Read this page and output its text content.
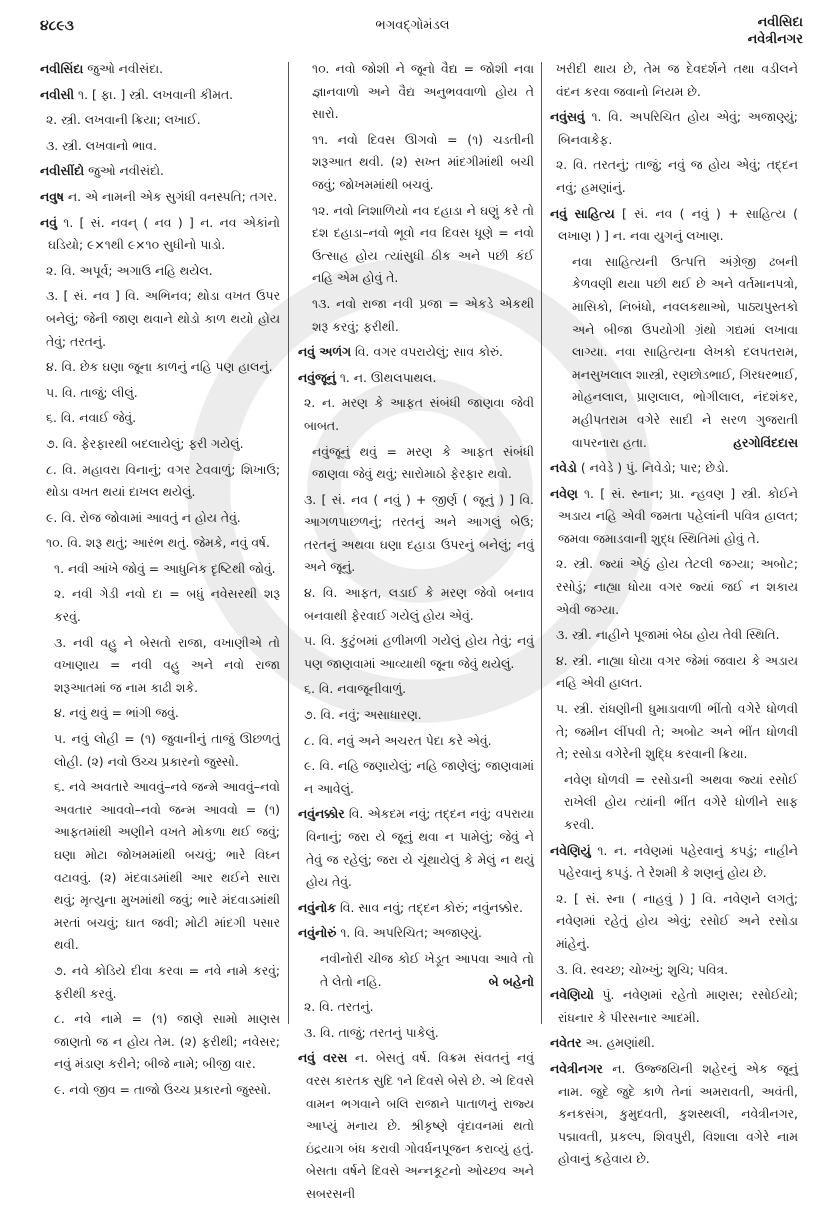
૪૮૯૩	ભગવદ્ગોમંડલ	નવીસિદા
નવેત્રીનગર
નવીસિંદા જુઓ નવીસંદા.
નવીસી ૧. [ ફા. ] સ્ત્રી. લખવાની કીમત.
૨. સ્ત્રી. લખવાની ક્રિયા; લખાઈ.
૩. સ્ત્રી. લખવાનો ભાવ.
નવીસીંદો જુઓ નવીસંદો.
નવુષ ન. એ નામની એક સુગંધી વનસ્પતિ; તગર.
નવું ૧. [ સં. નવન્ ( નવ ) ] ન. નવ એકાંનો ઘડિયો; ૯×૧થી ૯×૧૦ સુધીનો પાડો.
૨. વિ. અપૂર્વ; અગાઉ નહિ થયેલ.
૩. [ સં. નવ ] વિ. અભિનવ; થોડા વખત ઉપર બનેલું; જેની જાણ થવાને થોડો કાળ થયો હોય તેવું; તરતનું.
૪. વિ. છેક ઘણા જૂના કાળનું નહિ પણ હાલનું.
૫. વિ. તાજું; લીલું.
૬. વિ. નવાઈ જેવું.
૭. વિ. ફેરફારથી બદલાયેલું; ફરી ગયેલું.
૮. વિ. મહાવરા વિનાનું; વગર ટેવવાળું; શિખાઉ; થોડા વખત થયાં દાખલ થયેલું.
૯. વિ. રોજ જોવામાં આવતું ન હોય તેવું.
૧૦. વિ. શરૂ થતું; આરંભ થતું. જેમકે, નવું વર્ષ.
૧. નવી આંખે જોવું = આધુનિક દૃષ્ટિથી જોવું.
૨. નવી ગેડી નવો દા = બધું નવેસરથી શરૂ કરવું.
૩. નવી વહુ ને બેસતો રાજા, વખાણીએ તો વખાણાય = નવી વહુ અને નવો રાજા શરૂઆતમાં જ નામ કાઢી શકે.
૪. નવું થવું = ભાંગી જવું.
૫. નવું લોહી = (૧) જુવાનીનું તાજું ઊછળતું લોહી. (૨) નવો ઉચ્ચ પ્રકારનો જુસ્સો.
૬. નવે અવતારે આવવું–નવે જન્મે આવવું–નવો અવતાર આવવો–નવો જન્મ આવવો = (૧) આફતમાંથી અણીને વખતે મોકળા થઈ જવું; ઘણા મોટા જોખમમાંથી બચવું; ભારે વિઘ્ન વટાવવું. (૨) મંદવાડમાંથી આર થઈને સારા થવું; મૃત્યુના મુખમાંથી જવું; ભારે મંદવાડમાંથી મરતાં બચવું; ઘાત જવી; મોટી માંદગી પસાર થવી.
૭. નવે કોડિયે દીવા કરવા = નવે નામે કરવું; ફરીથી કરવું.
૮. નવે નામે = (૧) જાણે સામો માણસ જાણતો જ ન હોય તેમ. (૨) ફરીથી; નવેસર; નવું મંડાણ કરીને; બીજે નામે; બીજી વાર.
૯. નવો જીવ = તાજો ઉચ્ચ પ્રકારનો જુસ્સો.
૧૦. નવો જોશી ને જૂનો વૈદ્ય = જોશી નવા જ્ઞાનવાળો અને વૈદ્ય અનુભવવાળો હોય તે સારો.
૧૧. નવો દિવસ ઊગવો = (૧) ચડતીની શરૂઆત થવી. (૨) સખ્ત માંદગીમાંથી બચી જવું; જોખમમાંથી બચવું.
૧૨. નવો નિશાળિયો નવ દહાડા ને ઘણું કરે તો દશ દહાડા–નવો ભૂવો નવ દિવસ ધૂણે = નવો ઉત્સાહ હોય ત્યાંસુધી ઠીક અને પછી કંઈ નહિ એમ હોવું તે.
૧૩. નવો રાજા નવી પ્રજા = એકડે એકથી શરૂ કરવું; ફરીથી.
નવું અળંગ વિ. વગર વપરાયેલું; સાવ કોરું.
નવુંજૂનું ૧. ન. ઊથલપાથલ.
૨. ન. મરણ કે આફત સંબંધી જાણવા જેવી બાબત.
નવુંજૂનું થવું = મરણ કે આફત સંબંધી જાણવા જેવું થવું; સારોમાઠો ફેરફાર થવો.
૩. [ સં. નવ ( નવું ) + જીર્ણ ( જૂનું ) ] વિ. આગળપાછળનું; તરતનું અને આગલું બેઉ; તરતનું અથવા ઘણા દહાડા ઉપરનું બનેલું; નવું અને જૂનું.
૪. વિ. આફત, લડાઈ કે મરણ જેવો બનાવ બનવાથી ફેરવાઈ ગયેલું હોય એવું.
૫. વિ. કુટુંબમાં હળીમળી ગયેલું હોય તેવું; નવું પણ જાણવામાં આવ્યાથી જૂના જેવું થયેલું.
૬. વિ. નવાજૂનીવાળું.
૭. વિ. નવું; અસાધારણ.
૮. વિ. નવું અને અચરત પેદા કરે એવું.
૯. વિ. નહિ જણાયેલું; નહિ જાણેલું; જાણવામાં ન આવેલું.
નવુંનક્કોર વિ. એકદમ નવું; તદ્દન નવું; વપરાયા વિનાનું; જરા યે જૂનું થવા ન પામેલું; જેવું ને તેવું જ રહેલું; જરા યે ચૂંથાયેલું કે મેલું ન થયું હોય તેવું.
નવુંનોક વિ. સાવ નવું; તદ્દન કોરું; નવુંનક્કોર.
નવુંનોરું ૧. વિ. અપરિચિત; અજાણ્યું.
નવીનોરી ચીજ કોઈ ખેડૂત આપવા આવે તો તે લેતો નહિ.	બે બહેનો
૨. વિ. તરતનું.
૩. વિ. તાજું; તરતનું પાકેલું.
નવું વરસ ન. બેસતું વર્ષ. વિક્રમ સંવતનું નવું વરસ કારતક સુદિ ૧ને દિવસે બેસે છે. એ દિવસે વામન ભગવાને બલિ રાજાને પાતાળનું રાજ્ય આપ્યું મનાય છે. શ્રીકૃષ્ણે વૃંદાવનમાં થતો ઇંદ્રયાગ બંધ કરાવી ગોવર્ધનપૂજન કરાવ્યું હતું. બેસતા વર્ષને દિવસે અન્નકૂટનો ઓચ્છવ અને સબરસની
ખરીદી થાય છે, તેમ જ દેવદર્શને તથા વડીલને વંદન કરવા જવાનો નિયમ છે.
નવુંસવું ૧. વિ. અપરિચિત હોય એવું; અજાણ્યું; બિનવાકેફ.
૨. વિ. તરતનું; તાજું; નવું જ હોય એવું; તદ્દન નવું; હમણાંનું.
નવું સાહિત્ય [ સં. નવ ( નવું ) + સાહિત્ય ( લખાણ ) ] ન. નવા યુગનું લખાણ.
નવા સાહિત્યની ઉત્પત્તિ અંગ્રેજી ઢબની કેળવણી થયા પછી થઈ છે અને વર્તમાનપત્રો, માસિકો, નિબંધો, નવલકથાઓ, પાઠ્યપુસ્તકો અને બીજા ઉપયોગી ગ્રંથો ગદ્યમાં લખાવા લાગ્યા. નવા સાહિત્યના લેખકો દલપતરામ, મનસુખલાલ શાસ્ત્રી, રણછોડભાઈ, ગિરધરભાઈ, મોહનલાલ, પ્રાણલાલ, ભોગીલાલ, નંદશંકર, મહીપતરામ વગેરે સાદી ને સરળ ગુજરાતી વાપરનારા હતા.	હરગોવિંદદાસ
નવેડો ( નવેડે ) પું. નિવેડો; પાર; છેડો.
નવેણ ૧. [ સં. સ્નાન; પ્રા. ન્હવણ ] સ્ત્રી. કોઈને અડાય નહિ એવી જમતા પહેલાંની પવિત્ર હાલત; જમવા જમાડવાની શુદ્ધ સ્થિતિમાં હોવું તે.
૨. સ્ત્રી. જ્યાં એઠું હોય તેટલી જગ્યા; અબોટ; રસોડું; નાહ્યા ધોયા વગર જ્યાં જઈ ન શકાય એવી જગ્યા.
૩. સ્ત્રી. નાહીને પૂજામાં બેઠા હોય તેવી સ્થિતિ.
૪. સ્ત્રી. નાહ્યા ધોયા વગર જેમાં જવાય કે અડાય નહિ એવી હાલત.
૫. સ્ત્રી. રાંધણીની ધુમાડાવાળી ભીંતો વગેરે ધોળવી તે; જમીન લીંપવી તે; અબોટ અને ભીંત ધોળવી તે; રસોડા વગેરેની શુદ્ધિ કરવાની ક્રિયા.
નવેણ ધોળવી = રસોડાની અથવા જ્યાં રસોઈ રાખેલી હોય ત્યાંની ભીંત વગેરે ધોળીને સાફ કરવી.
નવેણિયું ૧. ન. નવેણમાં પહેરવાનું કપડું; નાહીને પહેરવાનું કપડું. તે રેશમી કે શણનું હોય છે.
૨. [ સં. સ્ના ( નાહવું ) ] વિ. નવેણને લગતું; નવેણમાં રહેતું હોય એવું; રસોઈ અને રસોડા માંહેનું.
૩. વિ. સ્વચ્છ; ચોખ્ખું; શુચિ; પવિત્ર.
નવેણિયો પું. નવેણમાં રહેતો માણસ; રસોઈયો; રાંધનાર કે પીરસનાર આદમી.
નવેતર અ. હમણાંથી.
નવેત્રીનગર ન. ઉજ્જયિની શહેરનું એક જૂનું નામ. જુદે જુદે કાળે તેનાં અમરાવતી, અવંતી, કનકસંગ, કુમુદવતી, કુશસ્થલી, નવેત્રીનગર, પદ્માવતી, પ્રકલ્પ, શિવપુરી, વિશાલા વગેરે નામ હોવાનું કહેવાય છે.
